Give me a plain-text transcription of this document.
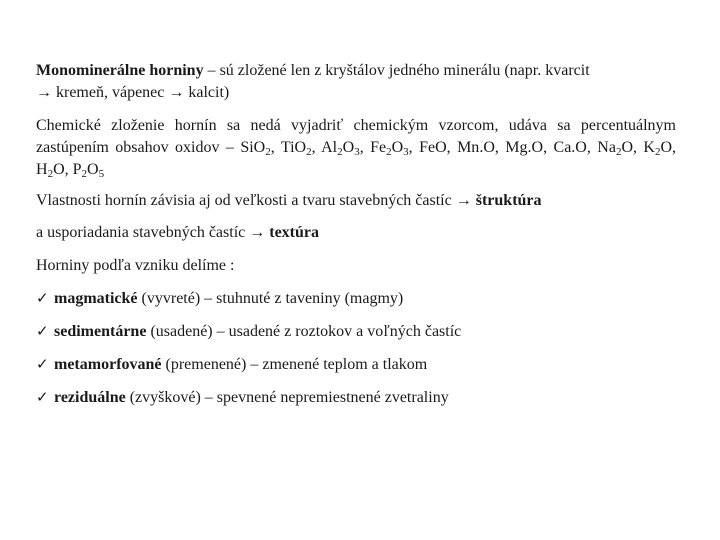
Monominerálne horniny – sú zložené len z kryštálov jedného minerálu (napr. kvarcit
→ kremeň, vápenec → kalcit)

Chemické zloženie hornín sa nedá vyjadriť chemickým vzorcom, udáva sa percentuálnym zastúpením obsahov oxidov – SiO$_2$, TiO$_2$, $Al_2O_3$, $Fe_2O_3$, FeO, Mn.O, Mg.O, Ca.O, $Na_2O$, $K_2O$, $H_2O$, $P_2O_5$

Vlastnosti hornín závisia aj od veľkosti a tvaru stavebných častíc → štruktúra

a usporiadania stavebných častíc → textúra

Horniny podľa vzniku delíme :

✓ magmatické (vyvreté) – stuhnuté z taveniny (magmy)
✓ sedimentárne (usadené) – usadené z roztokov a voľných častíc
✓ metamorfované (premenené) – zmenené teplom a tlakom
✓ reziduálne (zvyškové) – spevnené nepremiestnené zvetraliny
